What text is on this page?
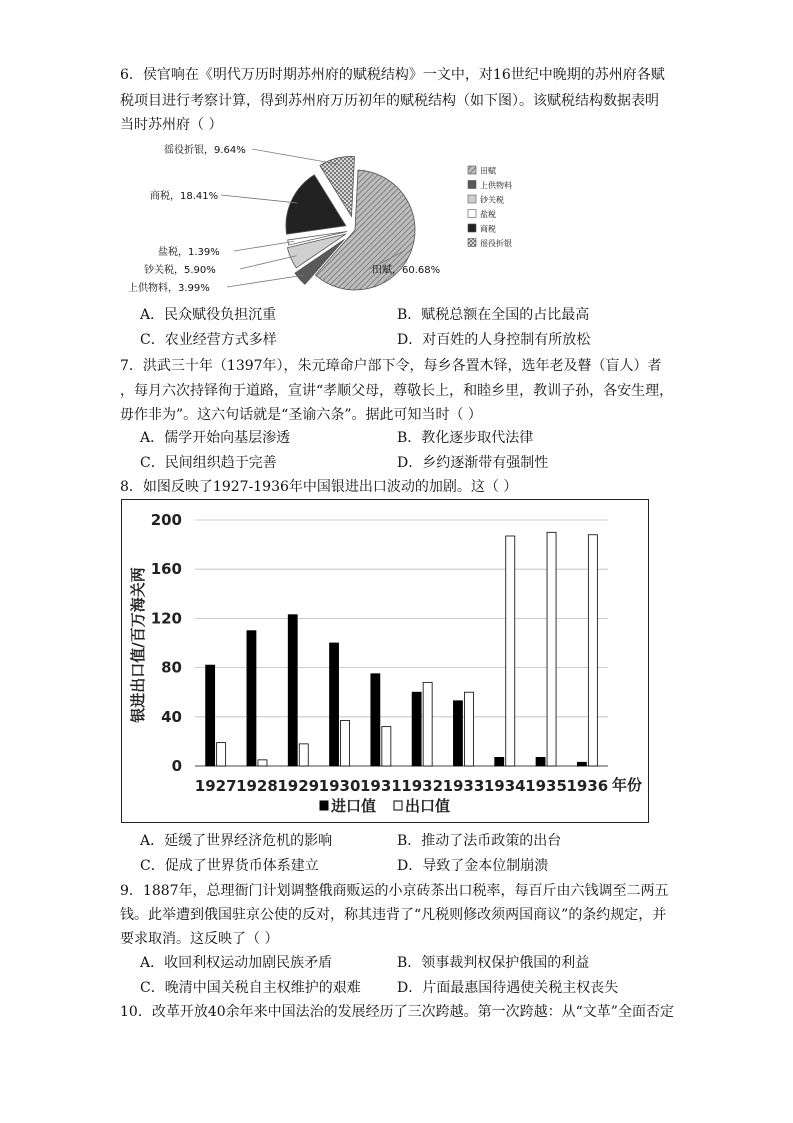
6．侯官响在《明代万历时期苏州府的赋税结构》一文中，对16世纪中晚期的苏州府各赋
税项目进行考察计算，得到苏州府万历初年的赋税结构（如下图）。该赋税结构数据表明
当时苏州府（ ）
徭役折银，9.64%
商税，18.41%
盐税，1.39%
钞关税，5.90%
上供物料，3.99%
田赋，60.68%
田赋
上供物料
钞关税
盐税
商税
徭役折银
A．民众赋役负担沉重	B．赋税总额在全国的占比最高
C．农业经营方式多样	D．对百姓的人身控制有所放松
7．洪武三十年（1397年），朱元璋命户部下令，每乡各置木铎，选年老及瞽（盲人）者
，每月六次持铎徇于道路，宣讲“孝顺父母，尊敬长上，和睦乡里，教训子孙，各安生理，
毋作非为”。这六句话就是“圣谕六条”。据此可知当时（ ）
A．儒学开始向基层渗透	B．教化逐步取代法律
C．民间组织趋于完善	D．乡约逐渐带有强制性
8．如图反映了1927-1936年中国银进出口波动的加剧。这（ ）
0
40
80
120
160
200
1927 1928 1929 1930 1931 1932 1933 1934 1935 1936 年份
银进出口值/百万海关两
进口值 出口值
A．延缓了世界经济危机的影响	B．推动了法币政策的出台
C．促成了世界货币体系建立	D．导致了金本位制崩溃
9．1887年，总理衙门计划调整俄商贩运的小京砖茶出口税率，每百斤由六钱调至二两五
钱。此举遭到俄国驻京公使的反对，称其违背了“凡税则修改须两国商议”的条约规定，并
要求取消。这反映了（ ）
A．收回利权运动加剧民族矛盾	B．领事裁判权保护俄国的利益
C．晚清中国关税自主权维护的艰难	D．片面最惠国待遇使关税主权丧失
10．改革开放40余年来中国法治的发展经历了三次跨越。第一次跨越：从“文革”全面否定
